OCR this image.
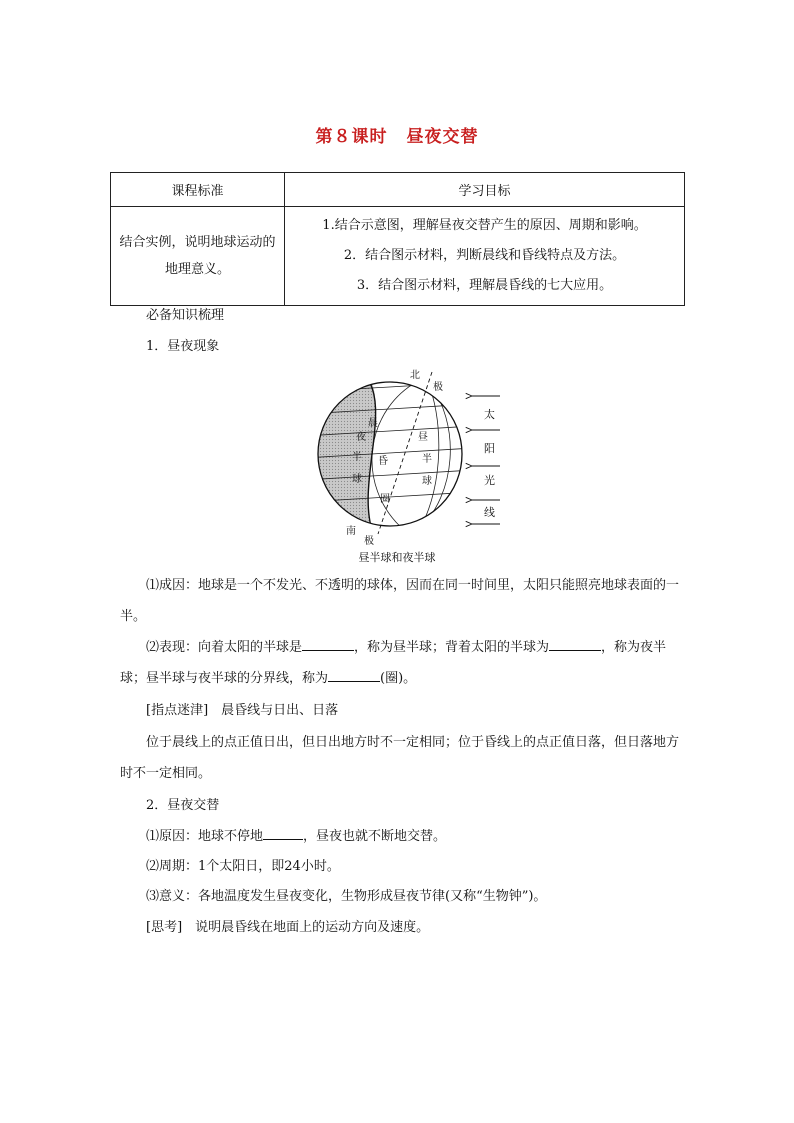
第８课时 昼夜交替
课程标准	学习目标
结合实例，说明地球运动的地理意义。	1.结合示意图，理解昼夜交替产生的原因、周期和影响。
2．结合图示材料，判断晨线和昏线特点及方法。
3．结合图示材料，理解晨昏线的七大应用。
必备知识梳理
1．昼夜现象
北
极
晨
昼
夜
半 昏	半
球	球
圈
南
极
太
阳
光
线
昼半球和夜半球
⑴成因：地球是一个不发光、不透明的球体，因而在同一时间里，太阳只能照亮地球表面的一半。
⑵表现：向着太阳的半球是	，称为昼半球；背着太阳的半球为	，称为夜半球；昼半球与夜半球的分界线，称为	(圈)。
[指点迷津]　晨昏线与日出、日落
位于晨线上的点正值日出，但日出地方时不一定相同；位于昏线上的点正值日落，但日落地方时不一定相同。
2．昼夜交替
⑴原因：地球不停地	，昼夜也就不断地交替。
⑵周期：1个太阳日，即24小时。
⑶意义：各地温度发生昼夜变化，生物形成昼夜节律(又称“生物钟”)。
[思考]　说明晨昏线在地面上的运动方向及速度。
